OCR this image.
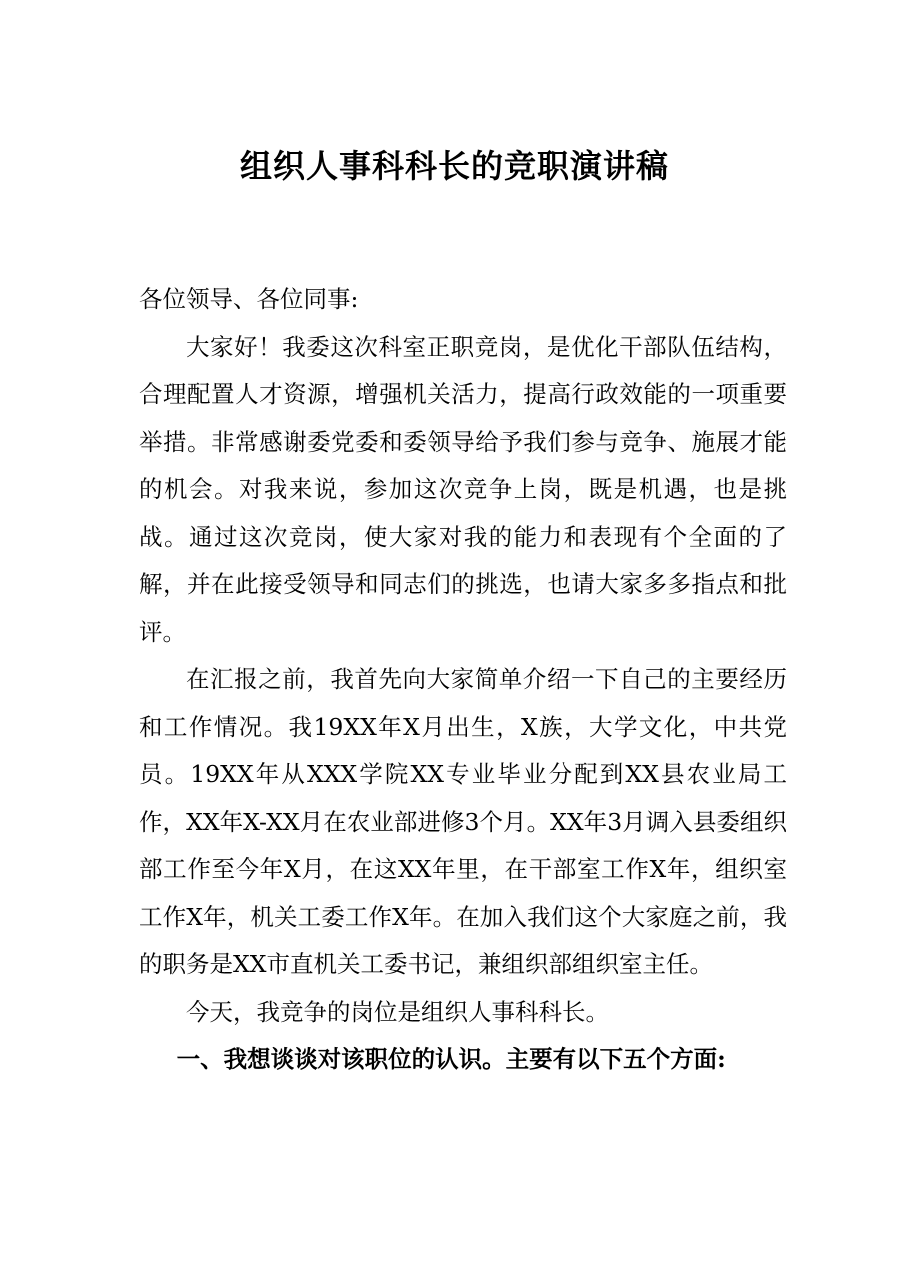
组织人事科科长的竞职演讲稿

各位领导、各位同事:

大家好！我委这次科室正职竞岗，是优化干部队伍结构，合理配置人才资源，增强机关活力，提高行政效能的一项重要举措。非常感谢委党委和委领导给予我们参与竞争、施展才能的机会。对我来说，参加这次竞争上岗，既是机遇，也是挑战。通过这次竞岗，使大家对我的能力和表现有个全面的了解，并在此接受领导和同志们的挑选，也请大家多多指点和批评。

在汇报之前，我首先向大家简单介绍一下自己的主要经历和工作情况。我19XX年X月出生，X族，大学文化，中共党员。19XX年从XXX学院XX专业毕业分配到XX县农业局工作，XX年X-XX月在农业部进修3个月。XX年3月调入县委组织部工作至今年X月，在这XX年里，在干部室工作X年，组织室工作X年，机关工委工作X年。在加入我们这个大家庭之前，我的职务是XX市直机关工委书记，兼组织部组织室主任。

今天，我竞争的岗位是组织人事科科长。

一、我想谈谈对该职位的认识。主要有以下五个方面:
